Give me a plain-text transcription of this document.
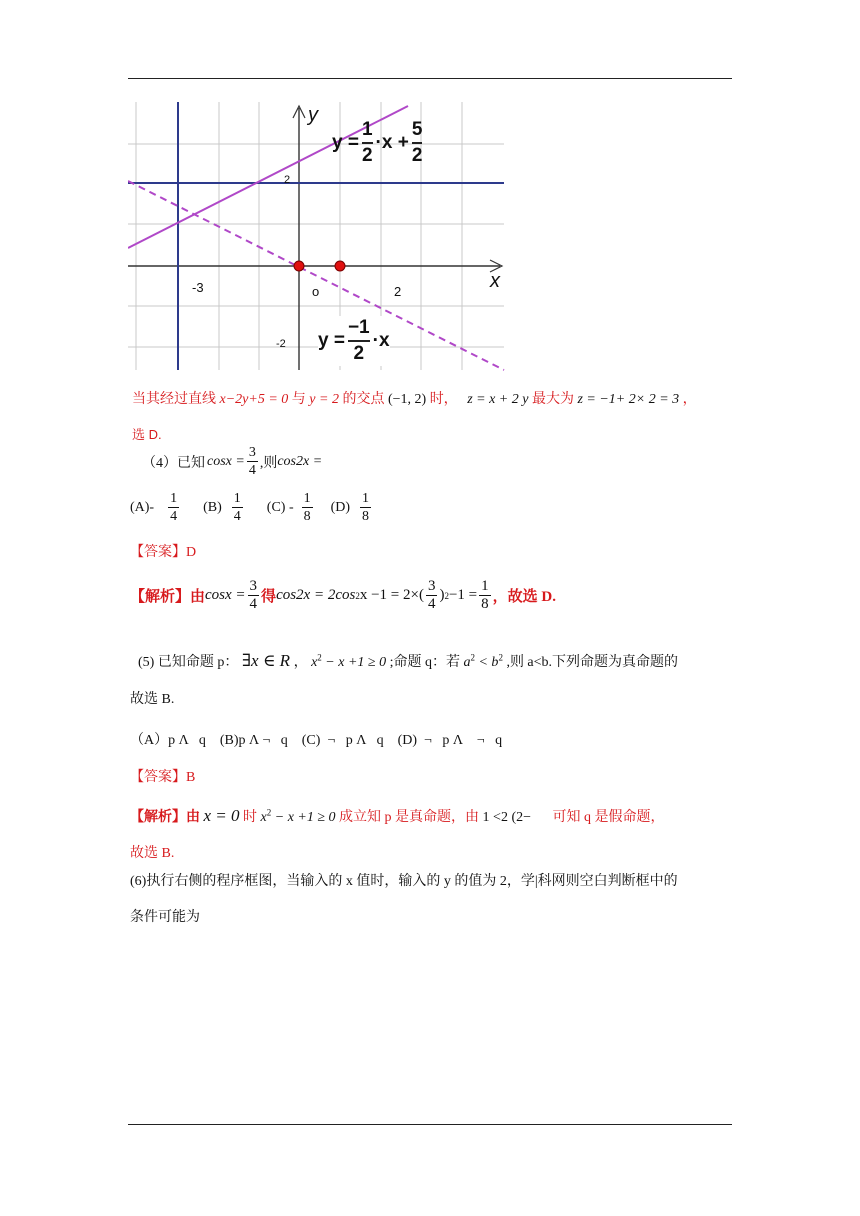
y
x
o
-3	2
2
-2
$y = \frac{1}{2} \cdot x + \frac{5}{2}$
$y = \frac{-1}{2} \cdot x$
当其经过直线 x−2y+5 = 0 与 y = 2 的交点 (−1, 2) 时， z = x + 2 y 最大为 z = −1+ 2× 2 = 3 ，
选 D.
（4）已知 $\cos x = \frac{3}{4}$ ,则 cos2x =
$(A)- \frac{1}{4} (B) \frac{1}{4} (C) - \frac{1}{8} (D) \frac{1}{8}$
【答案】D
【解析】由 $\cos x = \frac{3}{4}$ 得 cos2x = 2cos 2 $x -1 = 2\times( \frac{3}{4}$ ) $2 -1 = \frac{1}{8}$ ，故选 D.
(5) 已知命题 p： ∃x ∈ R ， $x^2 - x +1 \ge 0$ ;命题 q：若 $a^2 < b^2$ ,则 a<b.下列命题为真命题的
故选 B.
（A）p Λ   q    (B)p Λ ¬   q    (C)  ¬   p Λ   q    (D)  ¬   p Λ    ¬   q
【答案】B
【解析】由 x = 0 时 $x^2 - x +1 \ge 0$ 成立知 p 是真命题，由 1 <2 (2− 可知 q 是假命题，
故选 B.
(6)执行右侧的程序框图，当输入的 x 值时，输入的 y 的值为 2，学|科网则空白判断框中的
条件可能为
